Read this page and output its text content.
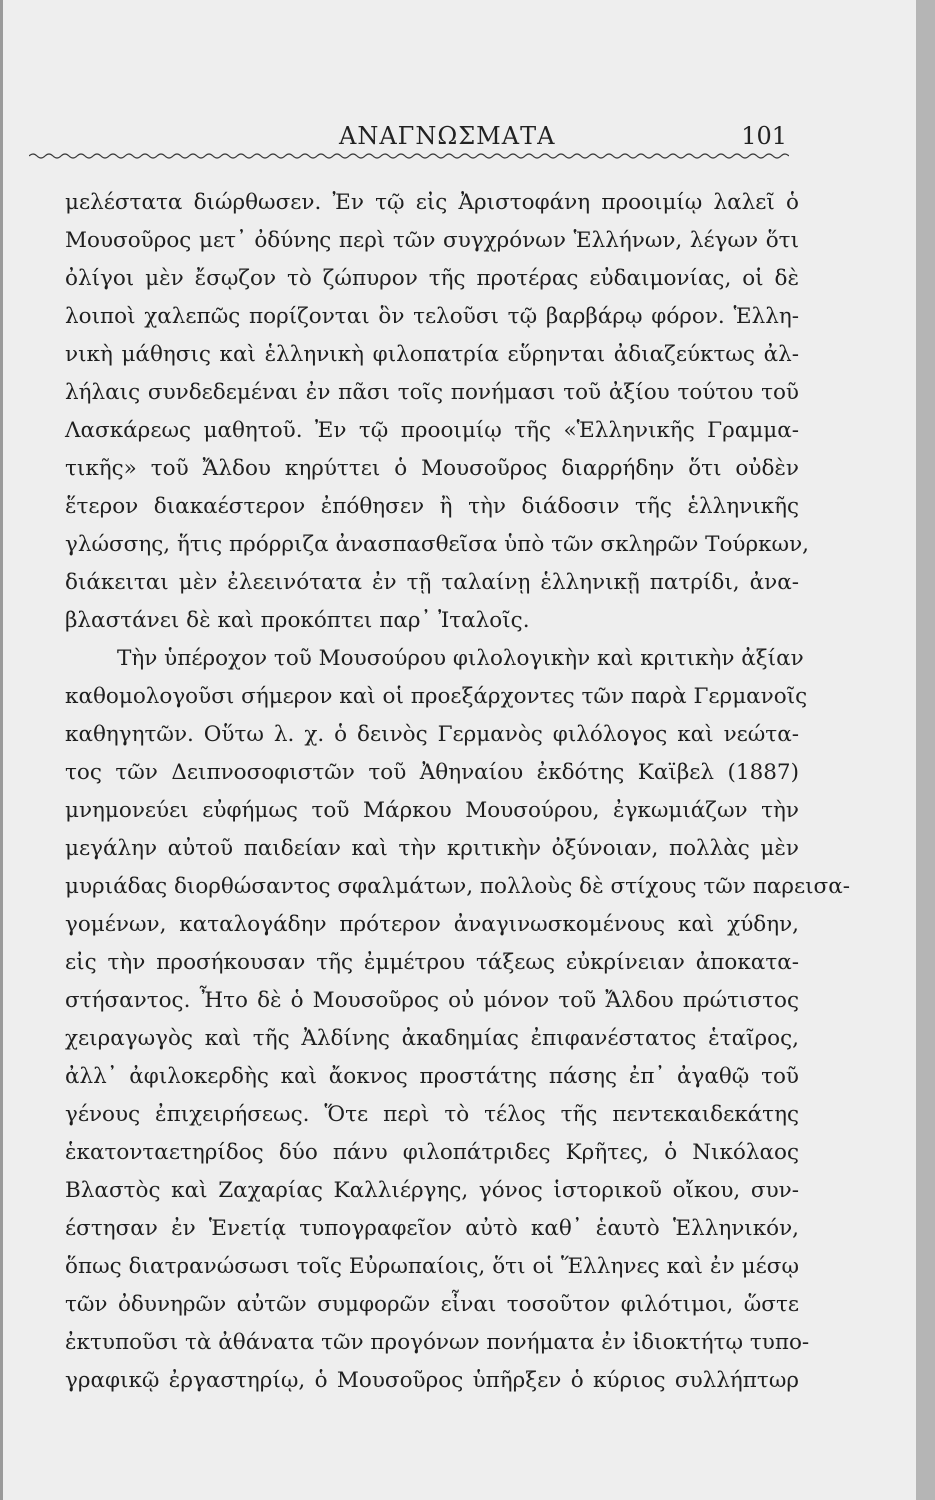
ΑΝΑΓΝΩΣΜΑΤΑ	101
μελέστατα διώρθωσεν. Ἐν τῷ εἰς Ἀριστοφάνη προοιμίῳ λαλεῖ ὁ
Μουσοῦρος μετ᾽ ὀδύνης περὶ τῶν συγχρόνων Ἑλλήνων, λέγων ὅτι
ὀλίγοι μὲν ἔσῳζον τὸ ζώπυρον τῆς προτέρας εὐδαιμονίας, οἱ δὲ
λοιποὶ χαλεπῶς πορίζονται ὃν τελοῦσι τῷ βαρβάρῳ φόρον. Ἑλλη-
νικὴ μάθησις καὶ ἑλληνικὴ φιλοπατρία εὕρηνται ἀδιαζεύκτως ἀλ-
λήλαις συνδεδεμέναι ἐν πᾶσι τοῖς πονήμασι τοῦ ἀξίου τούτου τοῦ
Λασκάρεως μαθητοῦ. Ἐν τῷ προοιμίῳ τῆς «Ἑλληνικῆς Γραμμα-
τικῆς» τοῦ Ἄλδου κηρύττει ὁ Μουσοῦρος διαρρήδην ὅτι οὐδὲν
ἕτερον διακαέστερον ἐπόθησεν ἢ τὴν διάδοσιν τῆς ἑλληνικῆς
γλώσσης, ἥτις πρόρριζα ἀνασπασθεῖσα ὑπὸ τῶν σκληρῶν Τούρκων,
διάκειται μὲν ἐλεεινότατα ἐν τῇ ταλαίνῃ ἑλληνικῇ πατρίδι, ἀνα-
βλαστάνει δὲ καὶ προκόπτει παρ᾽ Ἰταλοῖς.
Τὴν ὑπέροχον τοῦ Μουσούρου φιλολογικὴν καὶ κριτικὴν ἀξίαν
καθομολογοῦσι σήμερον καὶ οἱ προεξάρχοντες τῶν παρὰ Γερμανοῖς
καθηγητῶν. Οὕτω λ. χ. ὁ δεινὸς Γερμανὸς φιλόλογος καὶ νεώτα-
τος τῶν Δειπνοσοφιστῶν τοῦ Ἀθηναίου ἐκδότης Καϊβελ (1887)
μνημονεύει εὐφήμως τοῦ Μάρκου Μουσούρου, ἐγκωμιάζων τὴν
μεγάλην αὐτοῦ παιδείαν καὶ τὴν κριτικὴν ὀξύνοιαν, πολλὰς μὲν
μυριάδας διορθώσαντος σφαλμάτων, πολλοὺς δὲ στίχους τῶν παρεισα-
γομένων, καταλογάδην πρότερον ἀναγινωσκομένους καὶ χύδην,
εἰς τὴν προσήκουσαν τῆς ἐμμέτρου τάξεως εὐκρίνειαν ἀποκατα-
στήσαντος. Ἦτο δὲ ὁ Μουσοῦρος οὐ μόνον τοῦ Ἄλδου πρώτιστος
χειραγωγὸς καὶ τῆς Ἀλδίνης ἀκαδημίας ἐπιφανέστατος ἑταῖρος,
ἀλλ᾽ ἀφιλοκερδὴς καὶ ἄοκνος προστάτης πάσης ἐπ᾽ ἀγαθῷ τοῦ
γένους ἐπιχειρήσεως. Ὅτε περὶ τὸ τέλος τῆς πεντεκαιδεκάτης
ἑκατονταετηρίδος δύο πάνυ φιλοπάτριδες Κρῆτες, ὁ Νικόλαος
Βλαστὸς καὶ Ζαχαρίας Καλλιέργης, γόνος ἱστορικοῦ οἴκου, συν-
έστησαν ἐν Ἑνετίᾳ τυπογραφεῖον αὐτὸ καθ᾽ ἑαυτὸ Ἑλληνικόν,
ὅπως διατρανώσωσι τοῖς Εὐρωπαίοις, ὅτι οἱ Ἕλληνες καὶ ἐν μέσῳ
τῶν ὀδυνηρῶν αὐτῶν συμφορῶν εἶναι τοσοῦτον φιλότιμοι, ὥστε
ἐκτυποῦσι τὰ ἀθάνατα τῶν προγόνων πονήματα ἐν ἰδιοκτήτῳ τυπο-
γραφικῷ ἐργαστηρίῳ, ὁ Μουσοῦρος ὑπῆρξεν ὁ κύριος συλλήπτωρ
